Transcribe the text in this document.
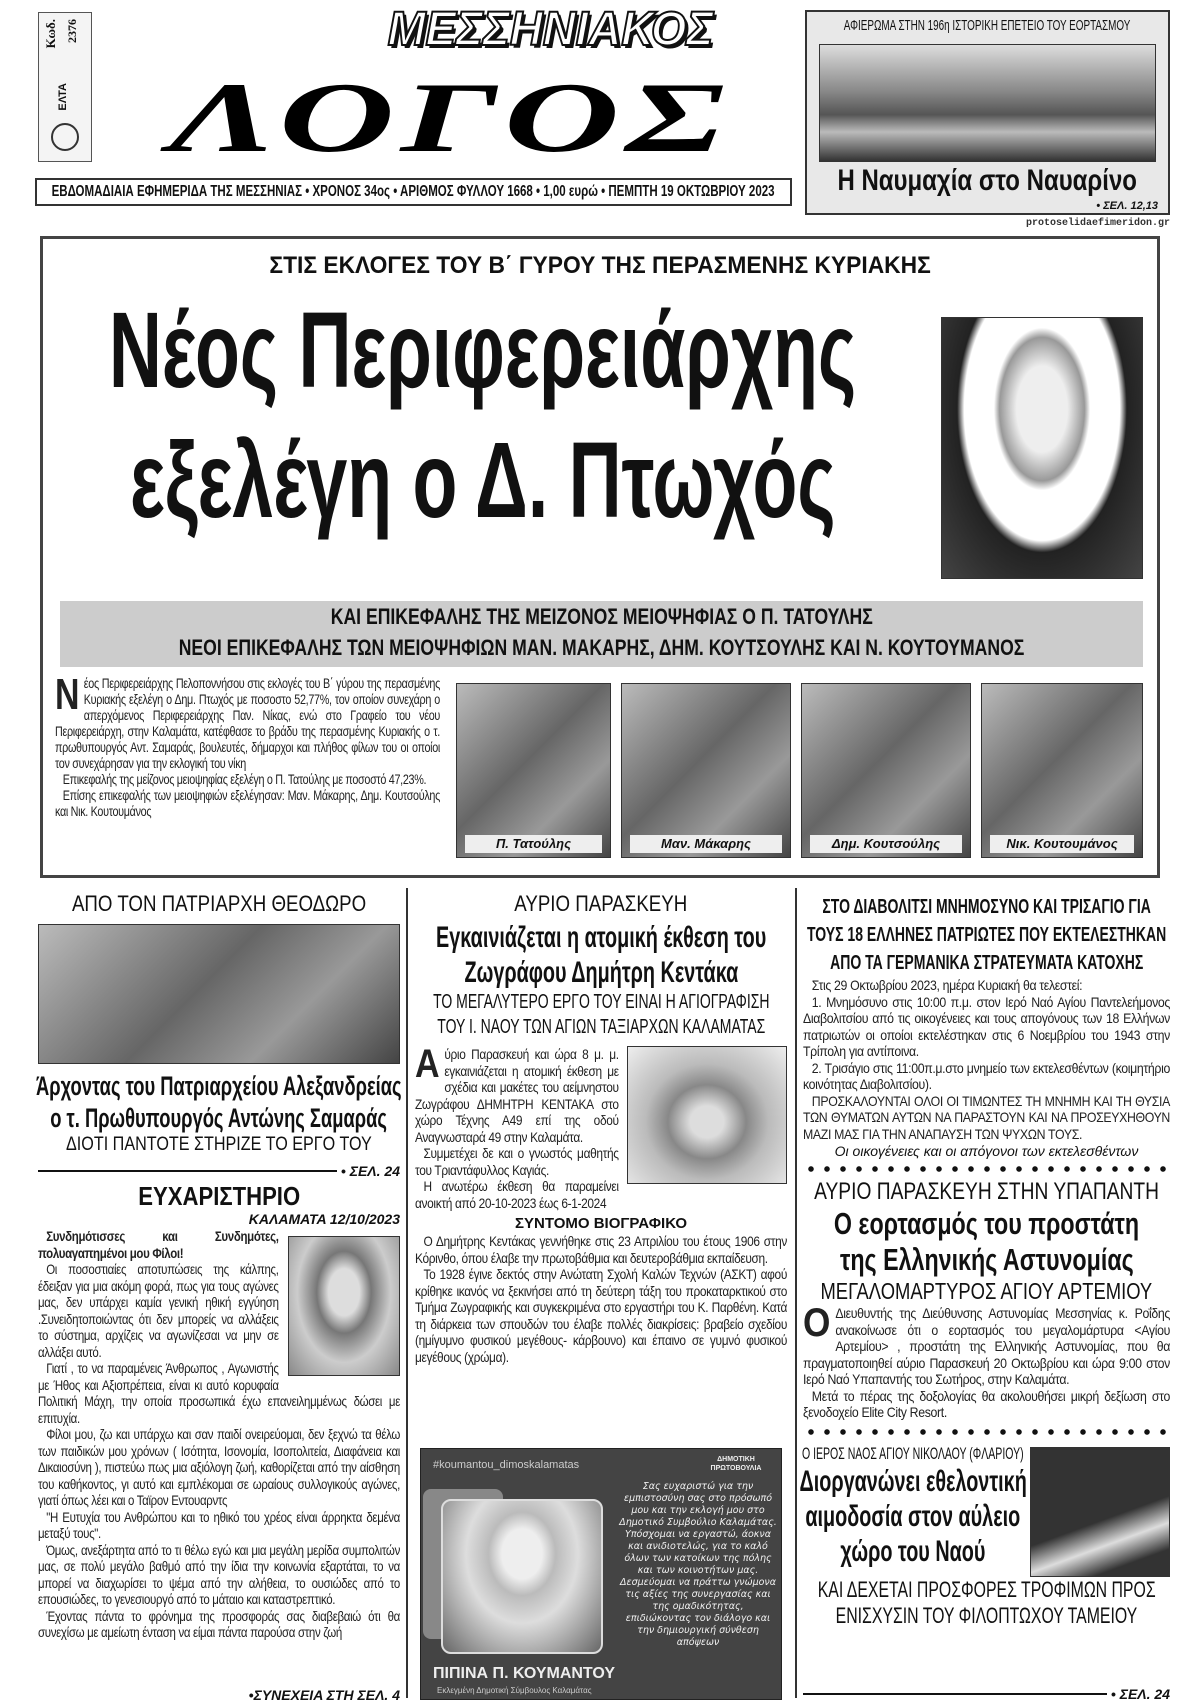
Κωδ. 2376
ΕΛΤΑ
ΜΕΣΣΗΝΙΑΚΟΣ
ΛΟΓΟΣ
ΕΒΔΟΜΑΔΙΑΙΑ ΕΦΗΜΕΡΙΔΑ ΤΗΣ ΜΕΣΣΗΝΙΑΣ • ΧΡΟΝΟΣ 34ος • ΑΡΙΘΜΟΣ ΦΥΛΛΟΥ 1668 • 1,00 ευρώ • ΠΕΜΠΤΗ 19 ΟΚΤΩΒΡΙΟΥ 2023
ΑΦΙΕΡΩΜΑ ΣΤΗΝ 196η ΙΣΤΟΡΙΚΗ ΕΠΕΤΕΙΟ ΤΟΥ ΕΟΡΤΑΣΜΟΥ
Η Ναυμαχία στο Ναυαρίνο
• ΣΕΛ. 12,13
protoselidaefimeridon.gr
ΣΤΙΣ ΕΚΛΟΓΕΣ ΤΟΥ Β΄ ΓΥΡΟΥ ΤΗΣ ΠΕΡΑΣΜΕΝΗΣ ΚΥΡΙΑΚΗΣ
Νέος Περιφερειάρχης
εξελέγη ο Δ. Πτωχός
ΚΑΙ ΕΠΙΚΕΦΑΛΗΣ ΤΗΣ ΜΕΙΖΟΝΟΣ ΜΕΙΟΨΗΦΙΑΣ Ο Π. ΤΑΤΟΥΛΗΣ
ΝΕΟΙ ΕΠΙΚΕΦΑΛΗΣ ΤΩΝ ΜΕΙΟΨΗΦΙΩΝ ΜΑΝ. ΜΑΚΑΡΗΣ, ΔΗΜ. ΚΟΥΤΣΟΥΛΗΣ ΚΑΙ Ν. ΚΟΥΤΟΥΜΑΝΟΣ
Ν έος Περιφερειάρχης Πελοποννήσου στις εκλογές του Β΄ γύρου της περασμένης Κυριακής εξελέγη ο Δημ. Πτωχός με ποσοστο 52,77%, τον οποίον συνεχάρη ο απερχόμενος Περιφερειάρχης Παν. Νίκας, ενώ στο Γραφείο του νέου Περιφερειάρχη, στην Καλαμάτα, κατέφθασε το βράδυ της περασμένης Κυριακής ο τ. πρωθυπουργός Αντ. Σαμαράς, βουλευτές, δήμαρχοι και πλήθος φίλων του οι οποίοι τον συνεχάρησαν για την εκλογική του νίκη

Επικεφαλής της μείζονος μειοψηφίας εξελέγη ο Π. Τατούλης με ποσοστό 47,23%.

Επίσης επικεφαλής των μειοψηφιών εξελέγησαν: Μαν. Μάκαρης, Δημ. Κουτσούλης και Νικ. Κουτουμάνος

Π. Τατούλης	Μαν. Μάκαρης	Δημ. Κουτσούλης	Νικ. Κουτουμάνος
ΑΠΟ ΤΟΝ ΠΑΤΡΙΑΡΧΗ ΘΕΟΔΩΡΟ
Άρχοντας του Πατριαρχείου Αλεξανδρείας
ο τ. Πρωθυπουργός Αντώνης Σαμαράς
ΔΙΟΤΙ ΠΑΝΤΟΤΕ ΣΤΗΡΙΖΕ ΤΟ ΕΡΓΟ ΤΟΥ
• ΣΕΛ. 24
ΕΥΧΑΡΙΣΤΗΡΙΟ
ΚΑΛΑΜΑΤΑ 12/10/2023

Συνδημότισσες και Συνδημότες, πολυαγαπημένοι μου Φίλοι!

Οι ποσοστιαίες αποτυπώσεις της κάλπης, έδειξαν για μια ακόμη φορά, πως για τους αγώνες μας, δεν υπάρχει καμία γενική ηθική εγγύηση .Συνειδητοποιώντας ότι δεν μπορείς να αλλάξεις το σύστημα, αρχίζεις να αγωνίζεσαι να μην σε αλλάξει αυτό.

Γιατί , το να παραμένεις Άνθρωπος , Αγωνιστής με Ήθος και Αξιοπρέπεια, είναι κι αυτό κορυφαία Πολιτική Μάχη, την οποία προσωπικά έχω επανειλημμένως δώσει με επιτυχία.

Φίλοι μου, ζω και υπάρχω και σαν παιδί ονειρεύομαι, δεν ξεχνώ τα θέλω των παιδικών μου χρόνων ( Ισότητα, Ισονομία, Ισοπολιτεία, Διαφάνεια και Δικαιοσύνη ), πιστεύω πως μια αξιόλογη ζωή, καθορίζεται από την αίσθηση του καθήκοντος, γι αυτό και εμπλέκομαι σε ωραίους συλλογικούς αγώνες, γιατί όπως λέει και ο Ταϊρον Εντουαρντς

"Η Ευτυχία του Ανθρώπου και το ηθικό του χρέος είναι άρρηκτα δεμένα μεταξύ τους".

Όμως, ανεξάρτητα από το τι θέλω εγώ και μια μεγάλη μερίδα συμπολιτών μας, σε πολύ μεγάλο βαθμό από την ίδια την κοινωνία εξαρτάται, το να μπορεί να διαχωρίσει το ψέμα από την αλήθεια, το ουσιώδες από το επουσιώδες, το γενεσιουργό από το μάταιο και καταστρεπτικό.

Έχοντας πάντα το φρόνημα της προσφοράς σας διαβεβαιώ ότι θα συνεχίσω με αμείωτη ένταση να είμαι πάντα παρούσα στην ζωή

•ΣΥΝΕΧΕΙΑ ΣΤΗ ΣΕΛ. 4
ΑΥΡΙΟ ΠΑΡΑΣΚΕΥΗ
Εγκαινιάζεται η ατομική έκθεση του
Ζωγράφου Δημήτρη Κεντάκα
ΤΟ ΜΕΓΑΛΥΤΕΡΟ ΕΡΓΟ ΤΟΥ ΕΙΝΑΙ Η ΑΓΙΟΓΡΑΦΙΣΗ
ΤΟΥ Ι. ΝΑΟΥ ΤΩΝ ΑΓΙΩΝ ΤΑΞΙΑΡΧΩΝ ΚΑΛΑΜΑΤΑΣ
Α ύριο Παρασκευή και ώρα 8 μ. μ. εγκαινιάζεται η ατομική έκθεση με σχέδια και μακέτες του αείμνηστου Ζωγράφου ΔΗΜΗΤΡΗ ΚΕΝΤΑΚΑ στο χώρο Τέχνης Α49 επί της οδού Αναγνωσταρά 49 στην Καλαμάτα.

Συμμετέχει δε και ο γνωστός μαθητής του Τριαντάφυλλος Καγιάς.

Η ανωτέρω έκθεση θα παραμείνει ανοικτή από 20-10-2023 έως 6-1-2024

ΣΥΝΤΟΜΟ ΒΙΟΓΡΑΦΙΚΟ

Ο Δημήτρης Κεντάκας γεννήθηκε στις 23 Απριλίου του έτους 1906 στην Κόρινθο, όπου έλαβε την πρωτοβάθμια και δευτεροβάθμια εκπαίδευση.

Το 1928 έγινε δεκτός στην Ανώτατη Σχολή Καλών Τεχνών (ΑΣΚΤ) αφού κρίθηκε ικανός να ξεκινήσει από τη δεύτερη τάξη του προκαταρκτικού στο Τμήμα Ζωγραφικής και συγκεκριμένα στο εργαστήρι του Κ. Παρθένη. Κατά τη διάρκεια των σπουδών του έλαβε πολλές διακρίσεις: βραβείο σχεδίου (ημίγυμνο φυσικού μεγέθους- κάρβουνο) και έπαινο σε γυμνό φυσικού μεγέθους (χρώμα).

#koumantou_dimoskalamatas	ΔΗΜΟΤΙΚΗ ΠΡΩΤΟΒΟΥΛΙΑ
Σας ευχαριστώ για την εμπιστοσύνη σας στο πρόσωπό μου και την εκλογή μου στο Δημοτικό Συμβούλιο Καλαμάτας. Υπόσχομαι να εργαστώ, άοκνα και ανιδιοτελώς, για το καλό όλων των κατοίκων της πόλης και των κοινοτήτων μας. Δεσμεύομαι να πράττω γνώμονα τις αξίες της συνεργασίας και της ομαδικότητας, επιδιώκοντας τον διάλογο και την δημιουργική σύνθεση απόψεων
ΠΙΠΙΝΑ Π. ΚΟΥΜΑΝΤΟΥ
Εκλεγμένη Δημοτική Σύμβουλος Καλαμάτας
ΣΤΟ ΔΙΑΒΟΛΙΤΣΙ ΜΝΗΜΟΣΥΝΟ ΚΑΙ ΤΡΙΣΑΓΙΟ ΓΙΑ
ΤΟΥΣ 18 ΕΛΛΗΝΕΣ ΠΑΤΡΙΩΤΕΣ ΠΟΥ ΕΚΤΕΛΕΣΤΗΚΑΝ
ΑΠΟ ΤΑ ΓΕΡΜΑΝΙΚΑ ΣΤΡΑΤΕΥΜΑΤΑ ΚΑΤΟΧΗΣ

Στις 29 Οκτωβρίου 2023, ημέρα Κυριακή θα τελεστεί:

1. Μνημόσυνο στις 10:00 π.μ. στον Ιερό Ναό Αγίου Παντελεήμονος Διαβολιτσίου από τις οικογένειες και τους απογόνους των 18 Ελλήνων πατριωτών οι οποίοι εκτελέστηκαν στις 6 Νοεμβρίου του 1943 στην Τρίπολη για αντίποινα.

2. Τρισάγιο στις 11:00π.μ.στο μνημείο των εκτελεσθέντων (κοιμητήριο κοινότητας Διαβολιτσίου).

ΠΡΟΣΚΑΛΟΥΝΤΑΙ ΟΛΟΙ ΟΙ ΤΙΜΩΝΤΕΣ ΤΗ ΜΝΗΜΗ ΚΑΙ ΤΗ ΘΥΣΙΑ ΤΩΝ ΘΥΜΑΤΩΝ ΑΥΤΩΝ ΝΑ ΠΑΡΑΣΤΟΥΝ ΚΑΙ ΝΑ ΠΡΟΣΕΥΧΗΘΟΥΝ ΜΑΖΙ ΜΑΣ ΓΙΑ ΤΗΝ ΑΝΑΠΑΥΣΗ ΤΩΝ ΨΥΧΩΝ ΤΟΥΣ.

Οι οικογένειες και οι απόγονοι των εκτελεσθέντων
ΑΥΡΙΟ ΠΑΡΑΣΚΕΥΗ ΣΤΗΝ ΥΠΑΠΑΝΤΗ
Ο εορτασμός του προστάτη
της Ελληνικής Αστυνομίας
ΜΕΓΑΛΟΜΑΡΤΥΡΟΣ ΑΓΙΟΥ ΑΡΤΕΜΙΟΥ
Ο Διευθυντής της Διεύθυνσης Αστυνομίας Μεσσηνίας κ. Ροΐδης ανακοίνωσε ότι ο εορτασμός του μεγαλομάρτυρα <Αγίου Αρτεμίου> , προστάτη της Ελληνικής Αστυνομίας, που θα πραγματοποιηθεί αύριο Παρασκευή 20 Οκτωβρίου και ώρα 9:00 στον Ιερό Ναό Υπαπαντής του Σωτήρος, στην Καλαμάτα.

Μετά το πέρας της δοξολογίας θα ακολουθήσει μικρή δεξίωση στο ξενοδοχείο Elite City Resort.

Ο ΙΕΡΟΣ ΝΑΟΣ ΑΓΙΟΥ ΝΙΚΟΛΑΟΥ (ΦΛΑΡΙΟΥ)
Διοργανώνει εθελοντική
αιμοδοσία στον αύλειο
χώρο του Ναού
ΚΑΙ ΔΕΧΕΤΑΙ ΠΡΟΣΦΟΡΕΣ ΤΡΟΦΙΜΩΝ ΠΡΟΣ
ΕΝΙΣΧΥΣΙΝ ΤΟΥ ΦΙΛΟΠΤΩΧΟΥ ΤΑΜΕΙΟΥ
• ΣΕΛ. 24
